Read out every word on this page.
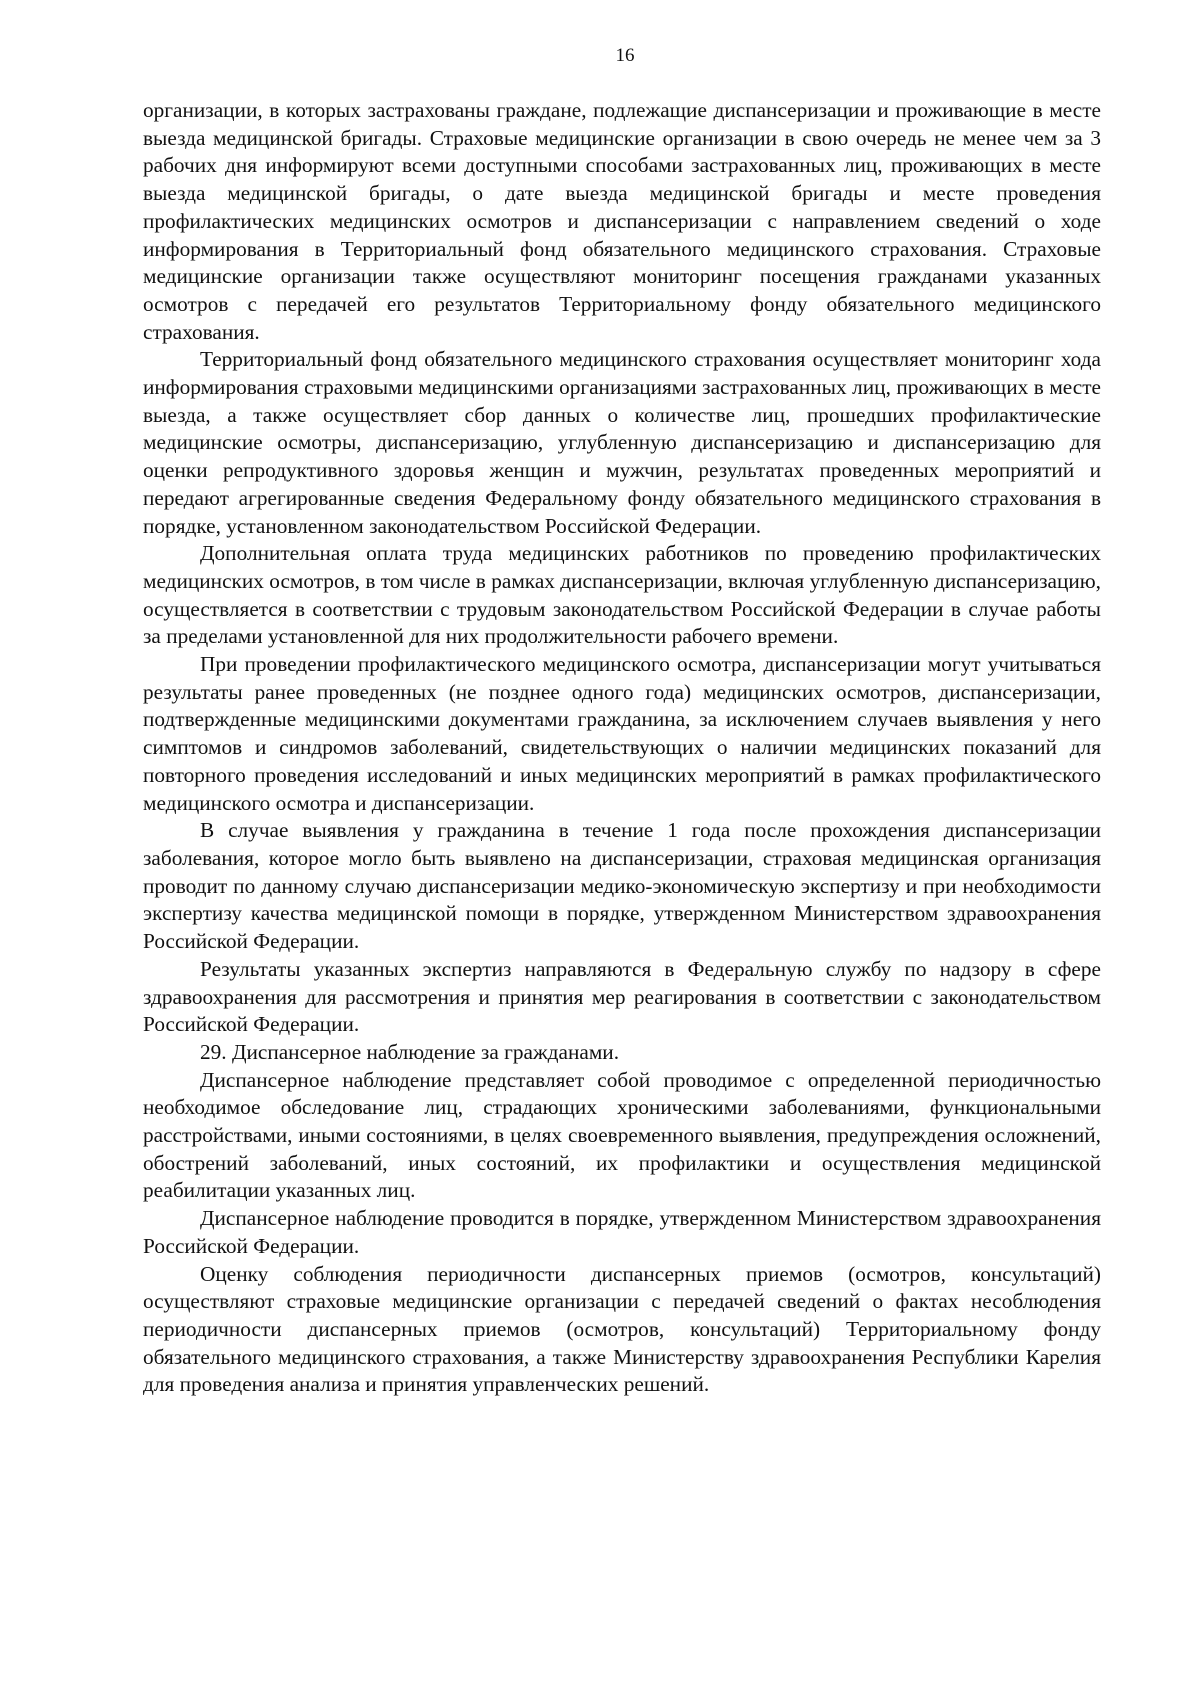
16

организации, в которых застрахованы граждане, подлежащие диспансеризации и проживающие в месте выезда медицинской бригады. Страховые медицинские организации в свою очередь не менее чем за 3 рабочих дня информируют всеми доступными способами застрахованных лиц, проживающих в месте выезда медицинской бригады, о дате выезда медицинской бригады и месте проведения профилактических медицинских осмотров и диспансеризации с направлением сведений о ходе информирования в Территориальный фонд обязательного медицинского страхования. Страховые медицинские организации также осуществляют мониторинг посещения гражданами указанных осмотров с передачей его результатов Территориальному фонду обязательного медицинского страхования.

Территориальный фонд обязательного медицинского страхования осуществляет мониторинг хода информирования страховыми медицинскими организациями застрахованных лиц, проживающих в месте выезда, а также осуществляет сбор данных о количестве лиц, прошедших профилактические медицинские осмотры, диспансеризацию, углубленную диспансеризацию и диспансеризацию для оценки репродуктивного здоровья женщин и мужчин, результатах проведенных мероприятий и передают агрегированные сведения Федеральному фонду обязательного медицинского страхования в порядке, установленном законодательством Российской Федерации.

Дополнительная оплата труда медицинских работников по проведению профилактических медицинских осмотров, в том числе в рамках диспансеризации, включая углубленную диспансеризацию, осуществляется в соответствии с трудовым законодательством Российской Федерации в случае работы за пределами установленной для них продолжительности рабочего времени.

При проведении профилактического медицинского осмотра, диспансеризации могут учитываться результаты ранее проведенных (не позднее одного года) медицинских осмотров, диспансеризации, подтвержденные медицинскими документами гражданина, за исключением случаев выявления у него симптомов и синдромов заболеваний, свидетельствующих о наличии медицинских показаний для повторного проведения исследований и иных медицинских мероприятий в рамках профилактического медицинского осмотра и диспансеризации.

В случае выявления у гражданина в течение 1 года после прохождения диспансеризации заболевания, которое могло быть выявлено на диспансеризации, страховая медицинская организация проводит по данному случаю диспансеризации медико-экономическую экспертизу и при необходимости экспертизу качества медицинской помощи в порядке, утвержденном Министерством здравоохранения Российской Федерации.

Результаты указанных экспертиз направляются в Федеральную службу по надзору в сфере здравоохранения для рассмотрения и принятия мер реагирования в соответствии с законодательством Российской Федерации.

29. Диспансерное наблюдение за гражданами.

Диспансерное наблюдение представляет собой проводимое с определенной периодичностью необходимое обследование лиц, страдающих хроническими заболеваниями, функциональными расстройствами, иными состояниями, в целях своевременного выявления, предупреждения осложнений, обострений заболеваний, иных состояний, их профилактики и осуществления медицинской реабилитации указанных лиц.

Диспансерное наблюдение проводится в порядке, утвержденном Министерством здравоохранения Российской Федерации.

Оценку соблюдения периодичности диспансерных приемов (осмотров, консультаций) осуществляют страховые медицинские организации с передачей сведений о фактах несоблюдения периодичности диспансерных приемов (осмотров, консультаций) Территориальному фонду обязательного медицинского страхования, а также Министерству здравоохранения Республики Карелия для проведения анализа и принятия управленческих решений.
